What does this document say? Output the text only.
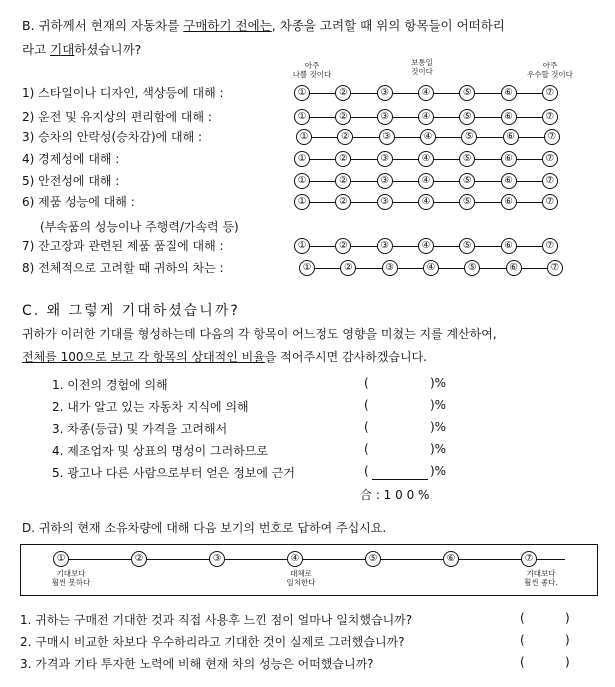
B. 귀하께서 현재의 자동차를 구매하기 전에는, 차종을 고려할 때 위의 항목들이 어떠하리
라고 기대하셨습니까?
아주
나쁠 것이다
보통일
것이다
아주
우수할 것이다
1) 스타일이나 디자인, 색상등에 대해 :	①	②	③	④	⑤	⑥	⑦
2) 운전 및 유지상의 편리함에 대해 :	①	②	③	④	⑤	⑥	⑦
3) 승차의 안락성(승차감)에 대해 :	①	②	③	④	⑤	⑥	⑦
4) 경제성에 대해 :	①	②	③	④	⑤	⑥	⑦
5) 안전성에 대해 :	①	②	③	④	⑤	⑥	⑦
6) 제품 성능에 대해 :	①	②	③	④	⑤	⑥	⑦
7) 잔고장과 관련된 제품 품질에 대해 :	①	②	③	④	⑤	⑥	⑦
8) 전체적으로 고려할 때 귀하의 차는 :	①	②	③	④	⑤	⑥	⑦
(부속품의 성능이나 주행력/가속력 등)
C. 왜 그렇게 기대하셨습니까?
귀하가 이러한 기대를 형성하는데 다음의 각 항목이 어느정도 영향을 미쳤는 지를 계산하여,
전체를 100으로 보고 각 항목의 상대적인 비율을 적어주시면 감사하겠습니다.
1. 이전의 경험에 의해	(	)%
2. 내가 알고 있는 자동차 지식에 의해	(	)%
3. 차종(등급) 및 가격을 고려해서	(	)%
4. 제조업자 및 상표의 명성이 그러하므로	(	)%
5. 광고나 다른 사람으로부터 얻은 정보에 근거	(	)%
合 : 1 0 0 %
D. 귀하의 현재 소유차량에 대해 다음 보기의 번호로 답하여 주십시요.
①	②	③	④	⑤	⑥	⑦
기대보다
훨씬 못하다
대체로
일치한다
기대보다
훨씬 좋다.
1. 귀하는 구매전 기대한 것과 직접 사용후 느낀 점이 얼마나 일치했습니까?	(	)
2. 구매시 비교한 차보다 우수하리라고 기대한 것이 실제로 그러했습니까?	(	)
3. 가격과 기타 투자한 노력에 비해 현재 차의 성능은 어떠했습니까?	(	)
